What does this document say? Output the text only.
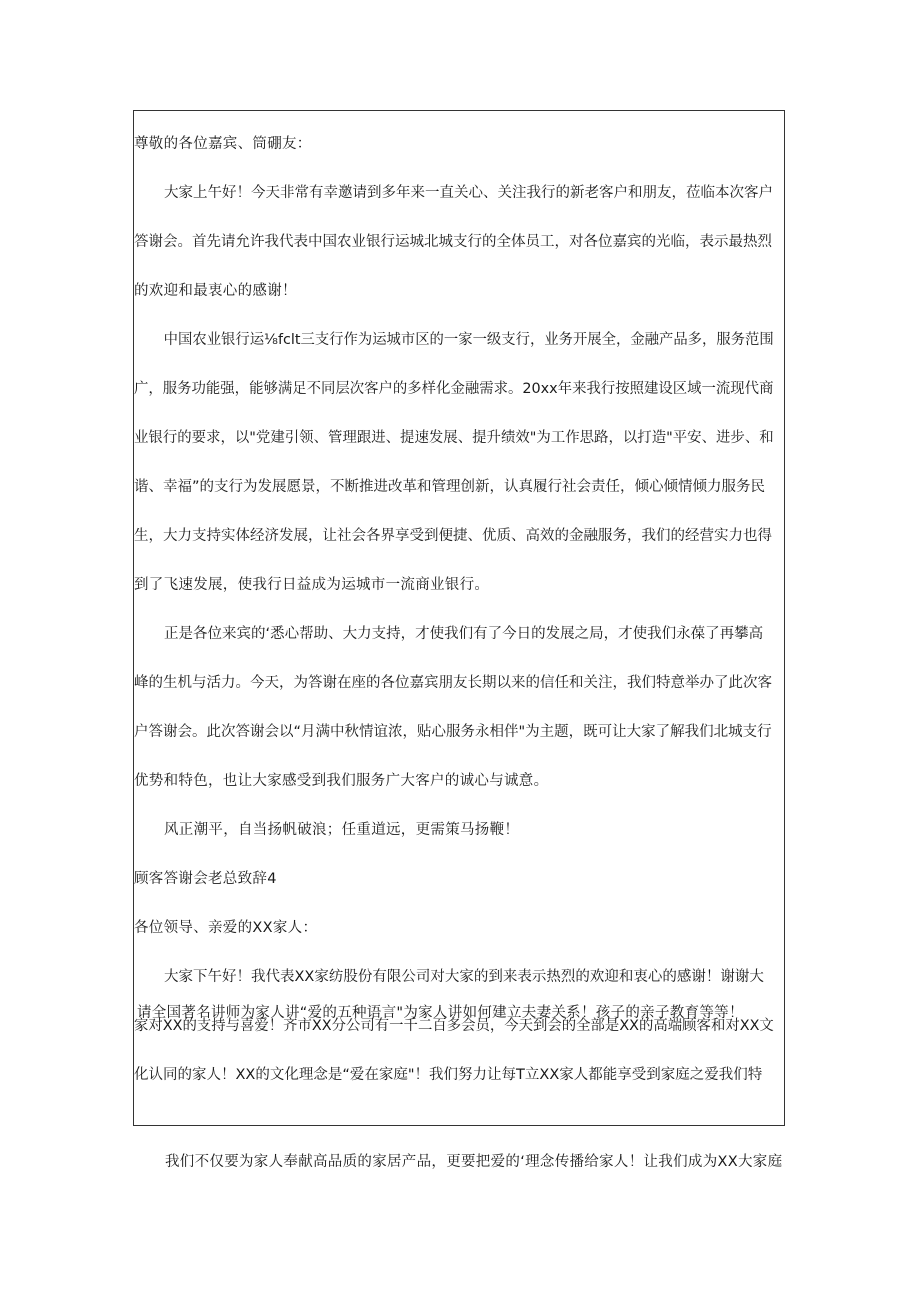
尊敬的各位嘉宾、筒硼友：
大家上午好！今天非常有幸邀请到多年来一直关心、关注我行的新老客户和朋友，莅临本次客户
答谢会。首先请允许我代表中国农业银行运城北城支行的全体员工，对各位嘉宾的光临，表示最热烈
的欢迎和最衷心的感谢！
中国农业银行运⅛fclt三支行作为运城市区的一家一级支行，业务开展全，金融产品多，服务范围
广，服务功能强，能够满足不同层次客户的多样化金融需求。20xx年来我行按照建设区域一流现代商
业银行的要求，以"党建引领、管理跟进、提速发展、提升绩效"为工作思路，以打造"平安、进步、和
谐、幸福”的支行为发展愿景，不断推进改革和管理创新，认真履行社会责任，倾心倾情倾力服务民
生，大力支持实体经济发展，让社会各界享受到便捷、优质、高效的金融服务，我们的经营实力也得
到了飞速发展，使我行日益成为运城市一流商业银行。
正是各位来宾的‘悉心帮助、大力支持，才使我们有了今日的发展之局，才使我们永葆了再攀高
峰的生机与活力。今天，为答谢在座的各位嘉宾朋友长期以来的信任和关注，我们特意举办了此次客
户答谢会。此次答谢会以“月满中秋情谊浓，贴心服务永相伴"为主题，既可让大家了解我们北城支行
优势和特色，也让大家感受到我们服务广大客户的诚心与诚意。
风正潮平，自当扬帆破浪；任重道远，更需策马扬鞭！
顾客答谢会老总致辞4
各位领导、亲爱的XX家人：
大家下午好！我代表XX家纺股份有限公司对大家的到来表示热烈的欢迎和衷心的感谢！谢谢大
家对XX的支持与喜爱！齐市XX分公司有一千二百多会员，今天到会的全部是XX的高端顾客和对XX文
化认同的家人！XX的文化理念是“爱在家庭"！我们努力让每T立XX家人都能享受到家庭之爱我们特
请全国著名讲师为家人讲“爱的五种语言"为家人讲如何建立夫妻关系！孩子的亲子教育等等！
我们不仅要为家人奉献高品质的家居产品，更要把爱的‘理念传播给家人！让我们成为XX大家庭
